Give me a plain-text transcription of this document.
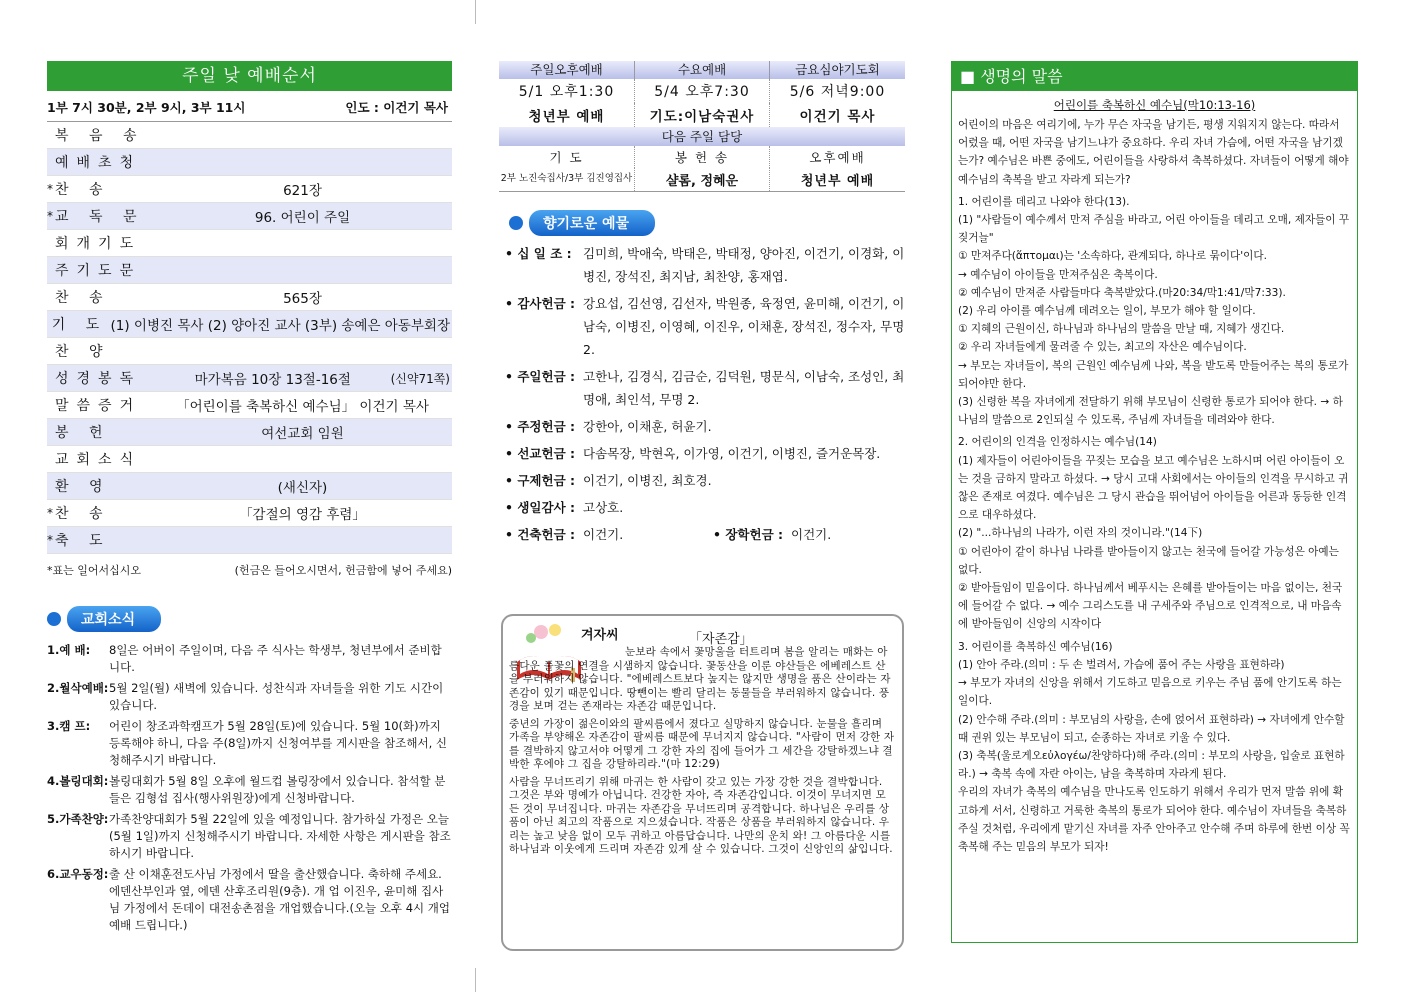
주일 낮 예배순서
1부 7시 30분, 2부 9시, 3부 11시	인도 : 이건기 목사
복 음 송
예배초청
* 찬 송	621장
* 교 독 문	96. 어린이 주일
회개기도
주기도문
찬 송	565장
기 도 (1) 이병진 목사 (2) 양아진 교사 (3부) 송예은 아동부회장
찬 양
성경봉독	마가복음 10장 13절-16절	(신약71쪽)
말씀증거	「어린이를 축복하신 예수님」 이건기 목사
봉 헌	여선교회 임원
교회소식
환 영	(새신자)
* 찬 송	「감절의 영감 후렴」
* 축 도
*표는 일어서십시오	(헌금은 들어오시면서, 헌금함에 넣어 주세요)
교회소식
1.예 배:	8일은 어버이 주일이며, 다음 주 식사는 학생부, 청년부에서 준비합니다.
2.월삭예배: 5월 2일(월) 새벽에 있습니다. 성찬식과 자녀들을 위한 기도 시간이 있습니다.
3.캠 프:	어린이 창조과학캠프가 5월 28일(토)에 있습니다. 5월 10(화)까지 등록해야 하니, 다음 주(8일)까지 신청여부를 게시판을 참조해서, 신청해주시기 바랍니다.
4.볼링대회: 볼링대회가 5월 8일 오후에 월드컵 볼링장에서 있습니다. 참석할 분들은 김형섭 집사(행사위원장)에게 신청바랍니다.
5.가족찬양: 가족찬양대회가 5월 22일에 있을 예정입니다. 참가하실 가정은 오늘(5월 1일)까지 신청해주시기 바랍니다. 자세한 사항은 게시판을 참조하시기 바랍니다.
6.교우동정: 출 산 이채훈전도사님 가정에서 딸을 출산했습니다. 축하해 주세요. 에덴산부인과 옆, 에덴 산후조리원(9층). 개 업 이진우, 윤미해 집사님 가정에서 돈데이 대전송촌점을 개업했습니다.(오늘 오후 4시 개업예배 드립니다.)
주일오후예배	수요예배	금요심야기도회
5/1 오후1:30	5/4 오후7:30	5/6 저녁9:00
청년부 예배	기도:이남숙권사	이건기 목사
다음 주일 담당
기 도	봉 헌 송	오후예배
2부 노진숙집사/3부 김진영집사	샬롬, 정혜운	청년부 예배
향기로운 예물
• 십 일 조 : 김미희, 박애숙, 박태은, 박태정, 양아진, 이건기, 이경화, 이병진, 장석진, 최지남, 최찬양, 홍재엽.
• 감사헌금 : 강요섭, 김선영, 김선자, 박원종, 육정연, 윤미해, 이건기, 이남숙, 이병진, 이영혜, 이진우, 이채훈, 장석진, 정수자, 무명 2.
• 주일헌금 : 고한나, 김경식, 김금순, 김덕원, 명문식, 이남숙, 조성인, 최명애, 최인석, 무명 2.
• 주정헌금 : 강한아, 이채훈, 허윤기.
• 선교헌금 : 다솜목장, 박현옥, 이가영, 이건기, 이병진, 즐거운목장.
• 구제헌금 : 이건기, 이병진, 최호경.
• 생일감사 : 고상호.
• 건축헌금 : 이건기.	• 장학헌금 : 이건기.
겨자씨	「자존감」

눈보라 속에서 꽃망울을 터트리며 봄을 알리는 매화는 아름다운 풀꽃의 연결을 시샘하지 않습니다. 꽃동산을 이룬 야산들은 에베레스트 산을 부러워하지 않습니다. "에베레스트보다 높지는 않지만 생명을 품은 산이라는 자존감이 있기 때문입니다. 땅뺀이는 빨리 달리는 동물들을 부러워하지 않습니다. 풍경을 보며 걷는 존재라는 자존감 때문입니다.

중년의 가장이 젊은이와의 팔씨름에서 졌다고 실망하지 않습니다. 눈물을 흘리며 가족을 부양해온 자존감이 팔씨름 때문에 무너지지 않습니다. "사람이 먼저 강한 자를 결박하지 않고서야 어떻게 그 강한 자의 집에 들어가 그 세간을 강탈하겠느냐 결박한 후에야 그 집을 강탈하리라."(마 12:29)

사람을 무너뜨리기 위해 마귀는 한 사람이 갖고 있는 가장 강한 것을 결박합니다. 그것은 부와 명예가 아닙니다. 건강한 자아, 즉 자존감입니다. 이것이 무너지면 모든 것이 무너집니다. 마귀는 자존감을 무너뜨리며 공격합니다. 하나님은 우리를 상품이 아닌 최고의 작품으로 지으셨습니다. 작품은 상품을 부러워하지 않습니다. 우리는 높고 낮음 없이 모두 귀하고 아름답습니다. 나만의 운치 와! 그 아름다운 시를 하나님과 이웃에게 드리며 자존감 있게 살 수 있습니다. 그것이 신앙인의 삶입니다.

■ 생명의 말씀
어린이를 축복하신 예수님(막10:13-16)

어린이의 마음은 여리기에, 누가 무슨 자국을 남기든, 평생 지워지지 않는다. 따라서 어렸을 때, 어떤 자국을 남기느냐가 중요하다. 우리 자녀 가슴에, 어떤 자국을 남기겠는가? 예수님은 바쁜 중에도, 어린이들을 사랑하셔 축복하셨다. 자녀들이 어떻게 해야 예수님의 축복을 받고 자라게 되는가?

1. 어린이를 데리고 나와야 한다(13).

(1) "사람들이 예수께서 만져 주심을 바라고, 어린 아이들을 데리고 오매, 제자들이 꾸짖거늘"

① 만져주다(ἅπτομαι)는 '소속하다, 관계되다, 하나로 묶이다'이다.

→ 예수님이 아이들을 만져주심은 축복이다.

② 예수님이 만져준 사람들마다 축복받았다.(마20:34/막1:41/막7:33).

(2) 우리 아이를 예수님께 데려오는 일이, 부모가 해야 할 일이다.

① 지혜의 근원이신, 하나님과 하나님의 말씀을 만날 때, 지혜가 생긴다.

② 우리 자녀들에게 물려줄 수 있는, 최고의 자산은 예수님이다.

→ 부모는 자녀들이, 복의 근원인 예수님께 나와, 복을 받도록 만들어주는 복의 통로가 되어야만 한다.

(3) 신령한 복을 자녀에게 전달하기 위해 부모님이 신령한 통로가 되어야 한다. → 하나님의 말씀으로 2인되실 수 있도록, 주님께 자녀들을 데려와야 한다.

2. 어린이의 인격을 인정하시는 예수님(14)

(1) 제자들이 어린아이들을 꾸짖는 모습을 보고 예수님은 노하시며 어린 아이들이 오는 것을 금하지 말라고 하셨다. → 당시 고대 사회에서는 아이들의 인격을 무시하고 귀찮은 존재로 여겼다. 예수님은 그 당시 관습을 뛰어넘어 아이들을 어른과 동등한 인격으로 대우하셨다.

(2) "...하나님의 나라가, 이런 자의 것이니라."(14下)

① 어린아이 같이 하나님 나라를 받아들이지 않고는 천국에 들어갈 가능성은 아예는 없다.

② 받아들임이 믿음이다. 하나님께서 베푸시는 은혜를 받아들이는 마음 없이는, 천국에 들어갈 수 없다. → 예수 그리스도를 내 구세주와 주님으로 인격적으로, 내 마음속에 받아들임이 신앙의 시작이다

3. 어린이를 축복하신 예수님(16)

(1) 안아 주라.(의미 : 두 손 벌려서, 가슴에 품어 주는 사랑을 표현하라)

→ 부모가 자녀의 신앙을 위해서 기도하고 믿음으로 키우는 주님 품에 안기도록 하는 일이다.

(2) 안수해 주라.(의미 : 부모님의 사랑을, 손에 얹어서 표현하라) → 자녀에게 안수할 때 권위 있는 부모님이 되고, 순종하는 자녀로 키울 수 있다.

(3) 축복(울로게오εὐλογέω/찬양하다)해 주라.(의미 : 부모의 사랑을, 입술로 표현하라.) → 축복 속에 자란 아이는, 남을 축복하며 자라게 된다.

우리의 자녀가 축복의 예수님을 만나도록 인도하기 위해서 우리가 먼저 말씀 위에 확고하게 서서, 신령하고 거룩한 축복의 통로가 되어야 한다. 예수님이 자녀들을 축복하주실 것처럼, 우리에게 맡기신 자녀를 자주 안아주고 안수해 주며 하루에 한번 이상 꼭 축복해 주는 믿음의 부모가 되자!
